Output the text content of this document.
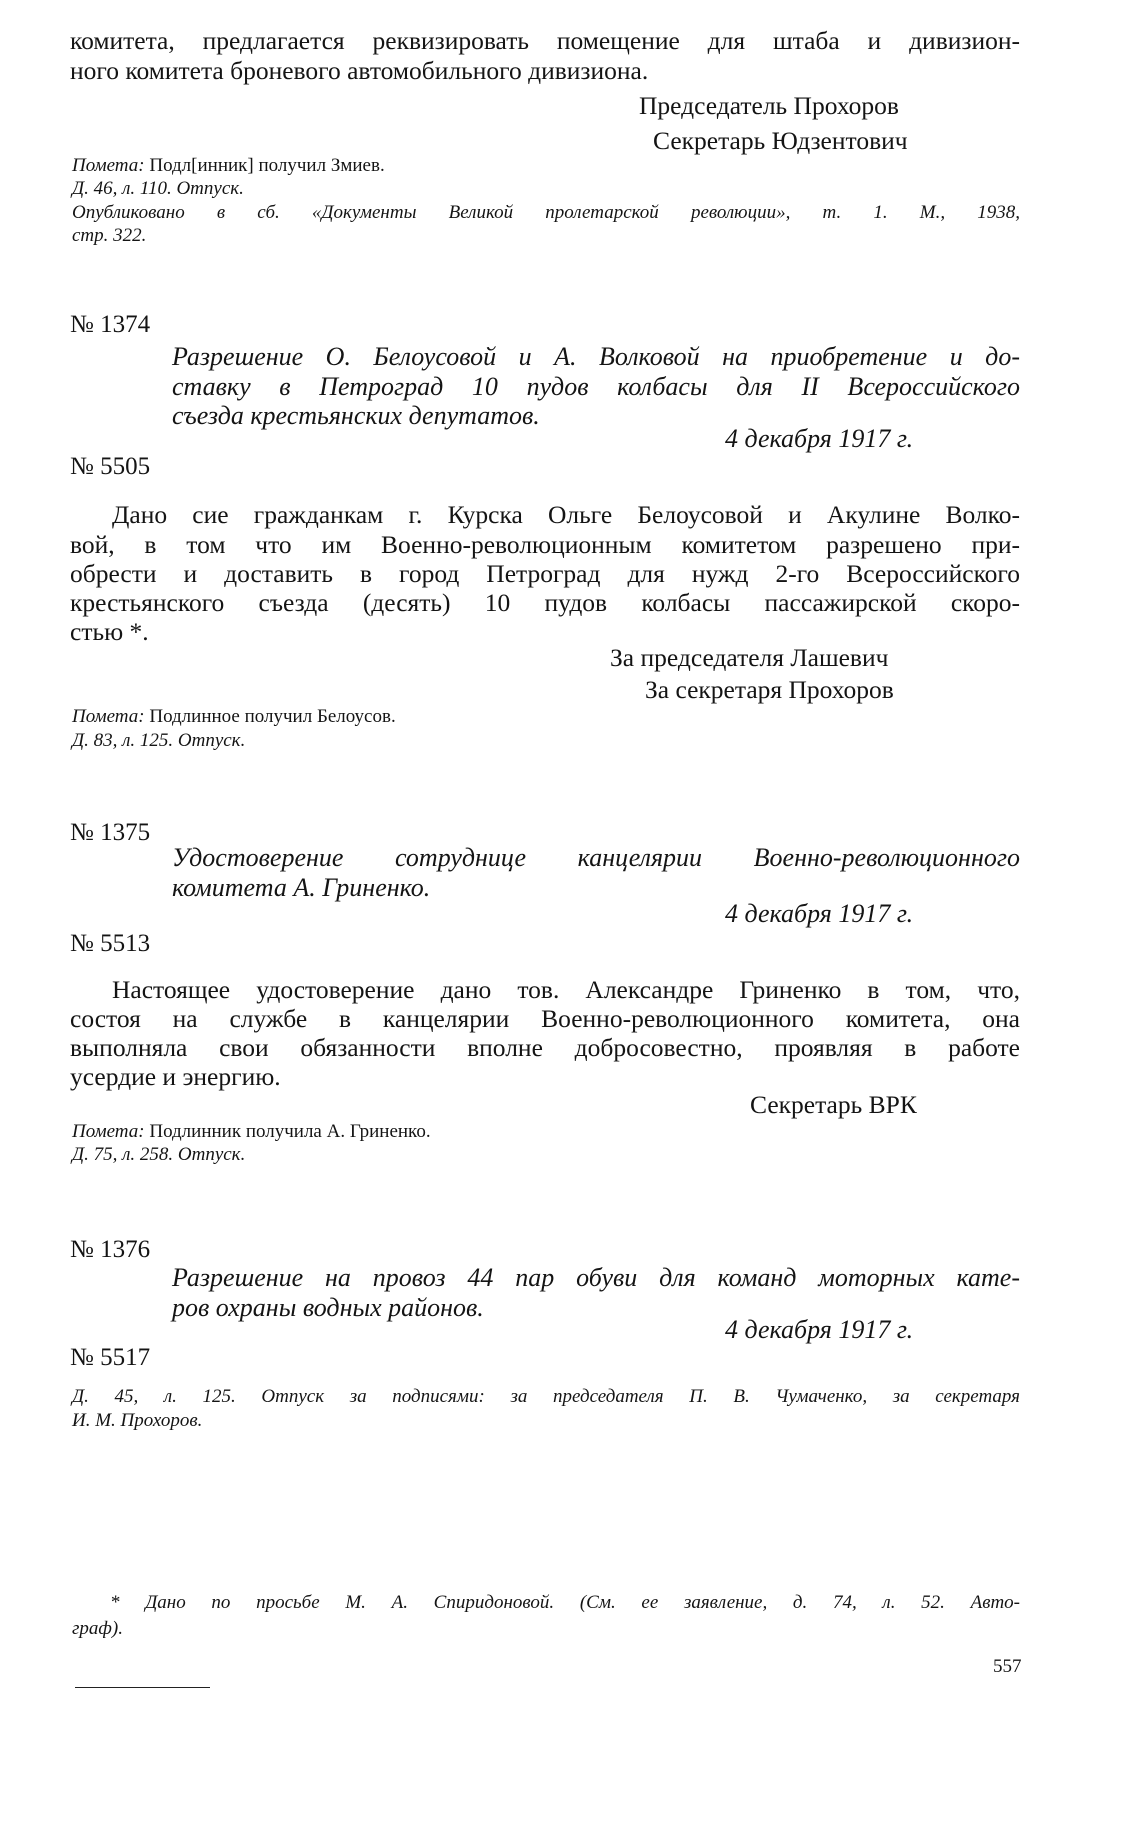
комитета, предлагается реквизировать помещение для штаба и дивизион-
ного комитета броневого автомобильного дивизиона.
Председатель Прохоров
Секретарь Юдзентович
Помета: Подл[инник] получил Змиев.
Д. 46, л. 110. Отпуск.
Опубликовано в сб. «Документы Великой пролетарской революции», т. 1. М., 1938,
стр. 322.
№ 1374
Разрешение О. Белоусовой и А. Волковой на приобретение и до-
ставку в Петроград 10 пудов колбасы для II Всероссийского
съезда крестьянских депутатов.
4 декабря 1917 г.
№ 5505
Дано сие гражданкам г. Курска Ольге Белоусовой и Акулине Волко-
вой, в том что им Военно-революционным комитетом разрешено при-
обрести и доставить в город Петроград для нужд 2-го Всероссийского
крестьянского съезда (десять) 10 пудов колбасы пассажирской скоро-
стью *.
За председателя Лашевич
За секретаря Прохоров
Помета: Подлинное получил Белоусов.
Д. 83, л. 125. Отпуск.
№ 1375
Удостоверение сотруднице канцелярии Военно-революционного
комитета А. Гриненко.
4 декабря 1917 г.
№ 5513
Настоящее удостоверение дано тов. Александре Гриненко в том, что,
состоя на службе в канцелярии Военно-революционного комитета, она
выполняла свои обязанности вполне добросовестно, проявляя в работе
усердие и энергию.
Секретарь ВРК
Помета: Подлинник получила А. Гриненко.
Д. 75, л. 258. Отпуск.
№ 1376
Разрешение на провоз 44 пар обуви для команд моторных кате-
ров охраны водных районов.
4 декабря 1917 г.
№ 5517
Д. 45, л. 125. Отпуск за подписями: за председателя П. В. Чумаченко, за секретаря
И. М. Прохоров.
* Дано по просьбе М. А. Спиридоновой. (См. ее заявление, д. 74, л. 52. Авто-
граф).
557
